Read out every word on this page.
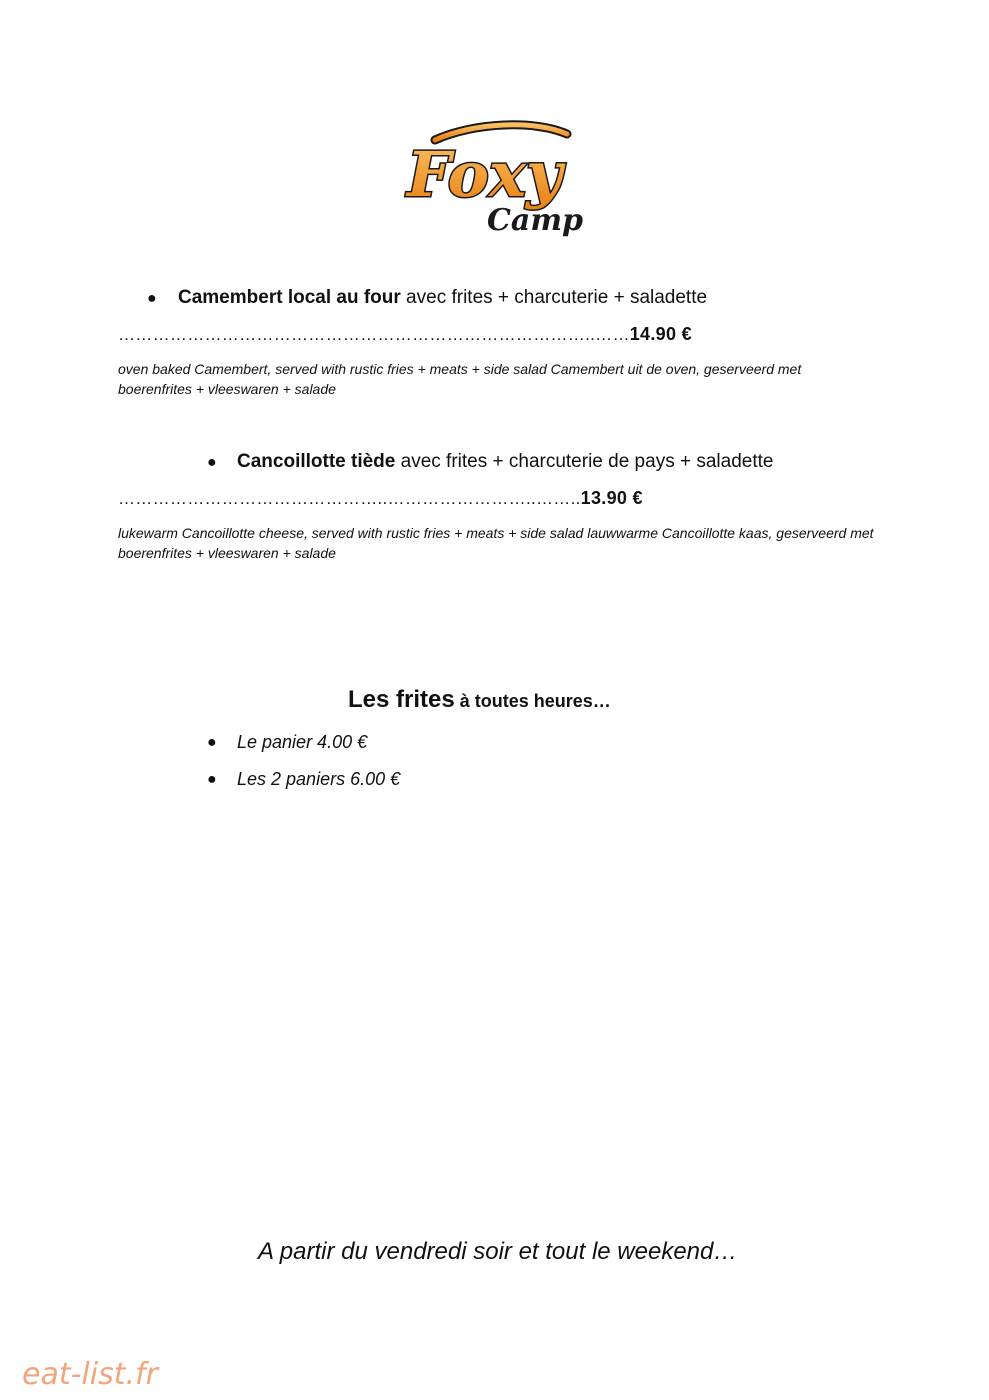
Foxy
Camp
● Camembert local au four avec frites + charcuterie + saladette
………………………………………………………………………..……14.90 €
oven baked Camembert, served with rustic fries + meats + side salad Camembert uit de oven, geserveerd met boerenfrites + vleeswaren + salade
● Cancoillotte tiède avec frites + charcuterie de pays + saladette
………………………………………..……………………..……..13.90 €
lukewarm Cancoillotte cheese, served with rustic fries + meats + side salad lauwwarme Cancoillotte kaas, geserveerd met boerenfrites + vleeswaren + salade
Les frites à toutes heures…
● Le panier 4.00 €
● Les 2 paniers 6.00 €
A partir du vendredi soir et tout le weekend…
eat-list.fr
